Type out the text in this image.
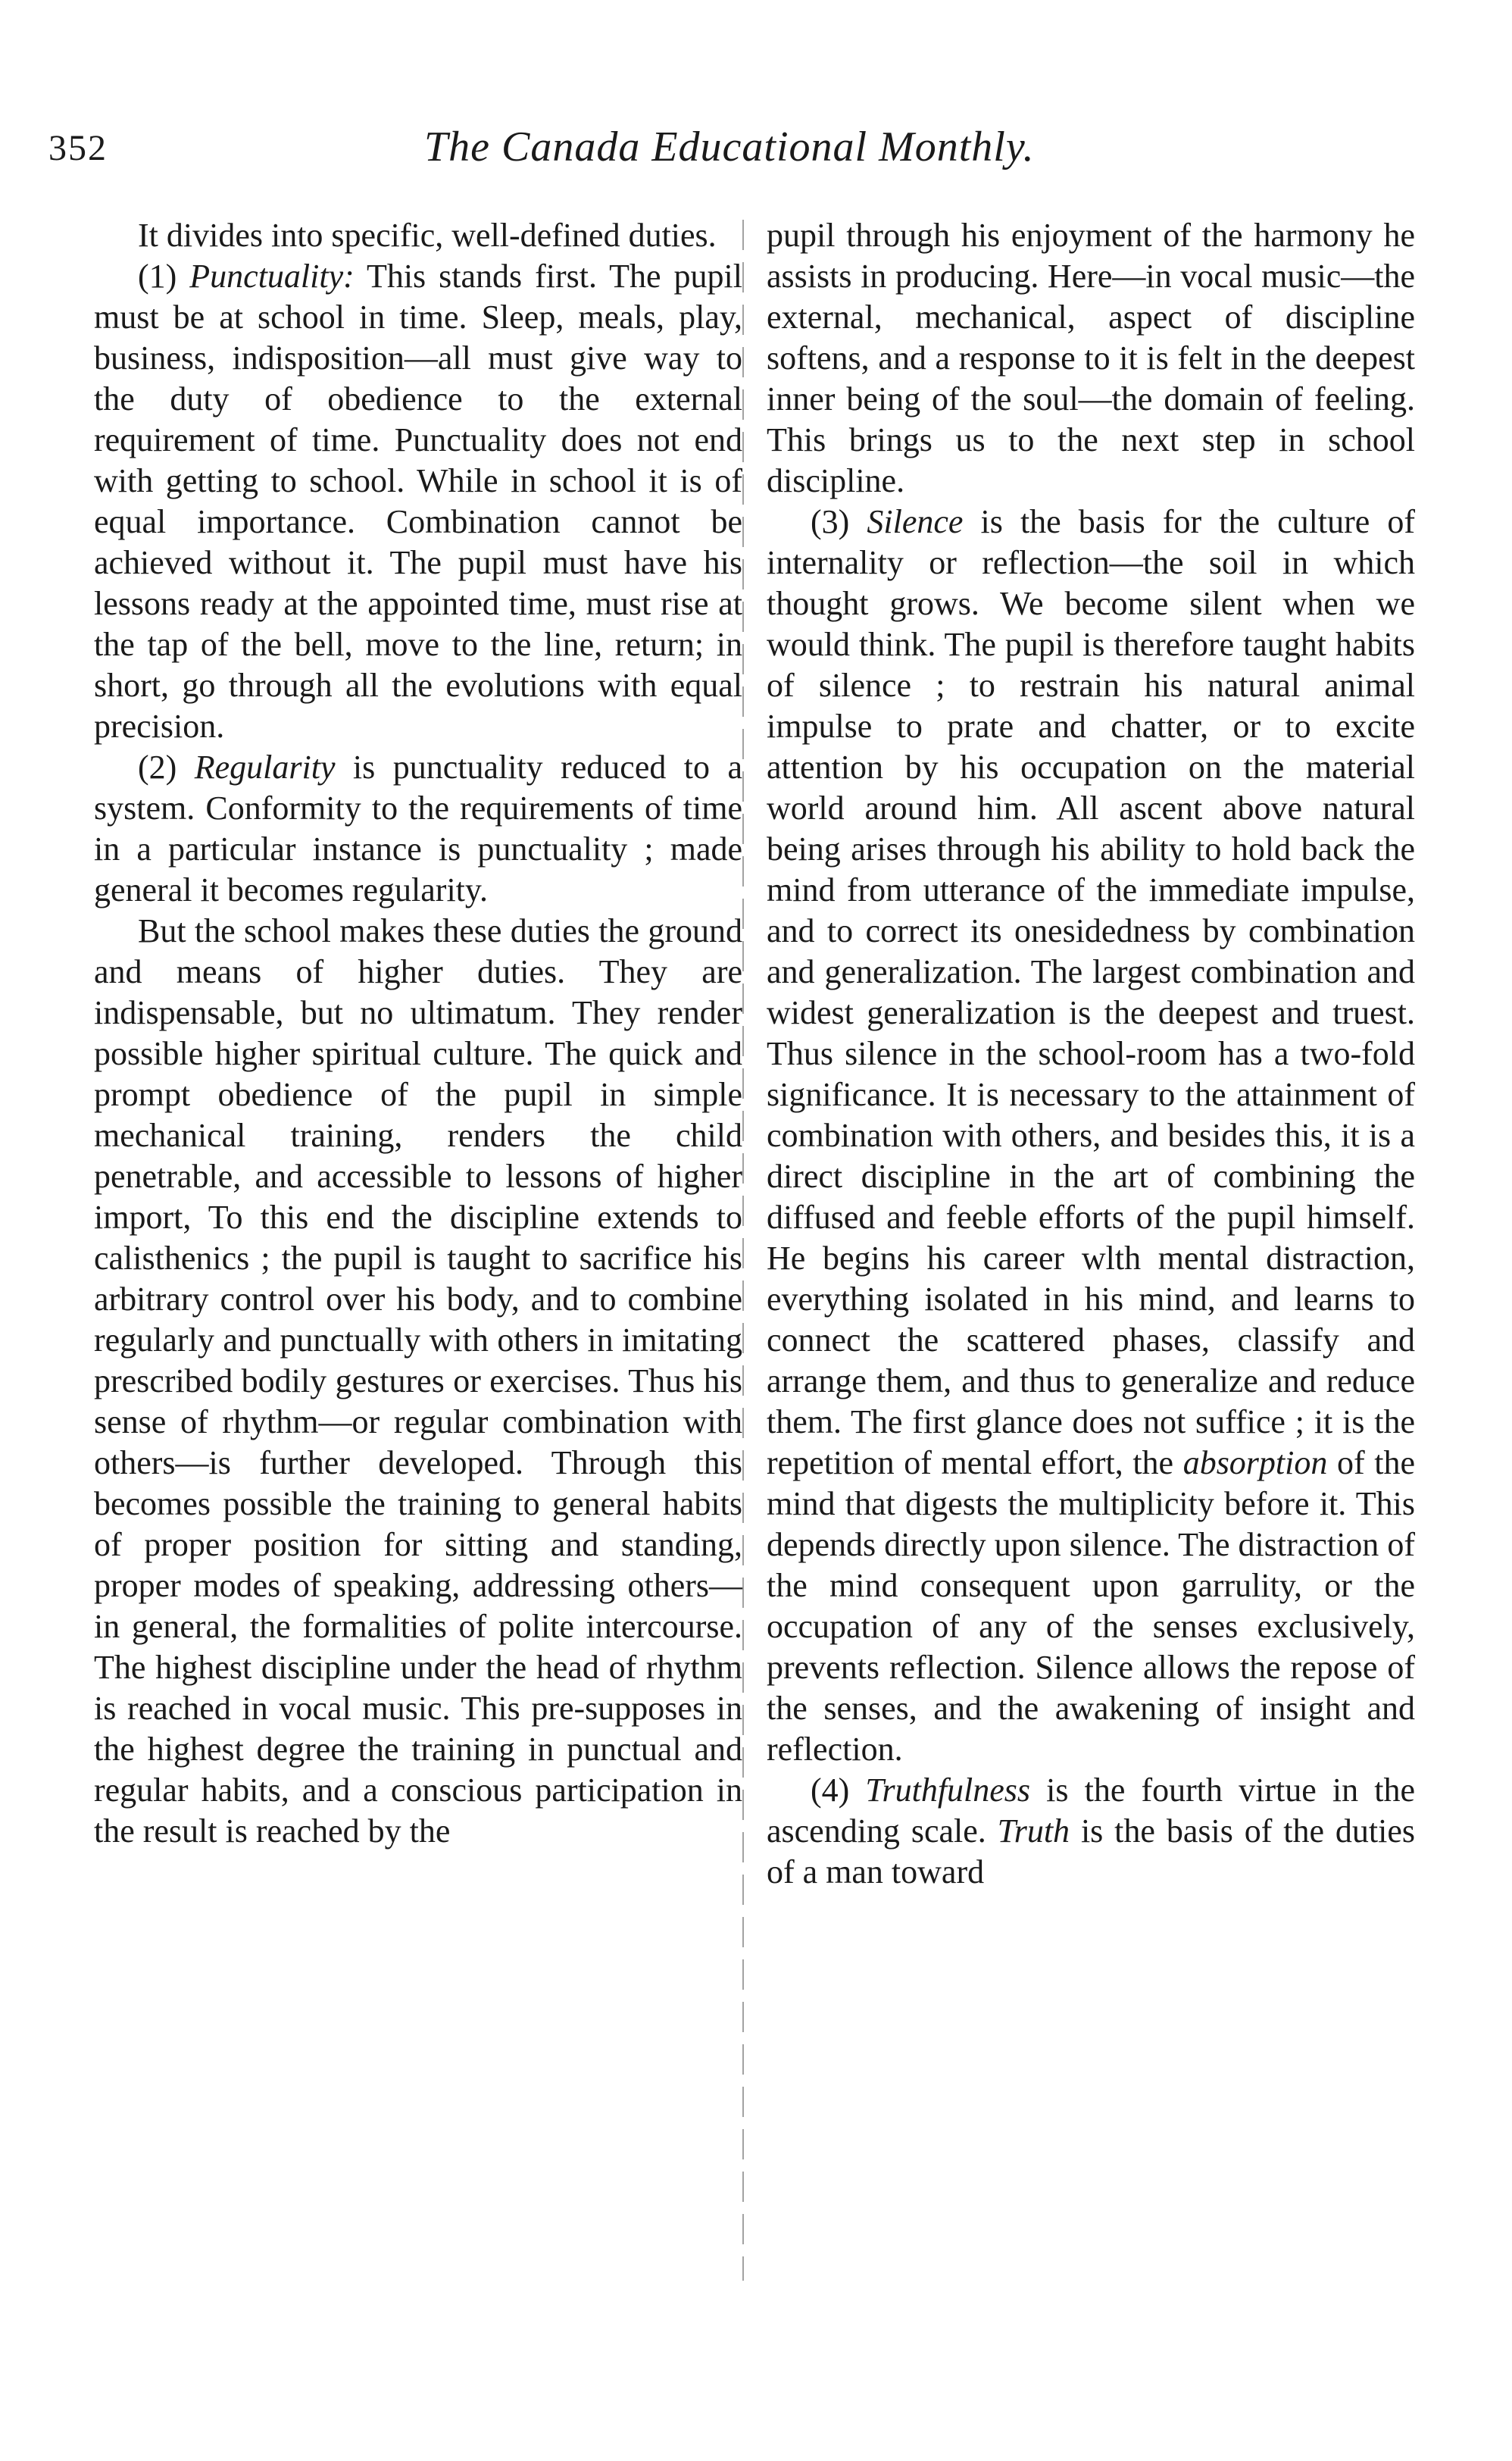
352	The Canada Educational Monthly.

It divides into specific, well-defined duties.

(1) Punctuality: This stands first. The pupil must be at school in time. Sleep, meals, play, business, indisposition—all must give way to the duty of obedience to the external requirement of time. Punctuality does not end with getting to school. While in school it is of equal importance. Combination cannot be achieved without it. The pupil must have his lessons ready at the appointed time, must rise at the tap of the bell, move to the line, return; in short, go through all the evolutions with equal precision.

(2) Regularity is punctuality reduced to a system. Conformity to the requirements of time in a particular instance is punctuality ; made general it becomes regularity.

But the school makes these duties the ground and means of higher duties. They are indispensable, but no ultimatum. They render possible higher spiritual culture. The quick and prompt obedience of the pupil in simple mechanical training, renders the child penetrable, and accessible to lessons of higher import, To this end the discipline extends to calisthenics ; the pupil is taught to sacrifice his arbitrary control over his body, and to combine regularly and punctually with others in imitating prescribed bodily gestures or exercises. Thus his sense of rhythm—or regular combination with others—is further developed. Through this becomes possible the training to general habits of proper position for sitting and standing, proper modes of speaking, addressing others—in general, the formalities of polite intercourse. The highest discipline under the head of rhythm is reached in vocal music. This pre-supposes in the highest degree the training in punctual and regular habits, and a conscious participation in the result is reached by the

pupil through his enjoyment of the harmony he assists in producing. Here—in vocal music—the external, mechanical, aspect of discipline softens, and a response to it is felt in the deepest inner being of the soul—the domain of feeling. This brings us to the next step in school discipline.

(3) Silence is the basis for the culture of internality or reflection—the soil in which thought grows. We become silent when we would think. The pupil is therefore taught habits of silence ; to restrain his natural animal impulse to prate and chatter, or to excite attention by his occupation on the material world around him. All ascent above natural being arises through his ability to hold back the mind from utterance of the immediate impulse, and to correct its onesidedness by combination and generalization. The largest combination and widest generalization is the deepest and truest. Thus silence in the school-room has a two-fold significance. It is necessary to the attainment of combination with others, and besides this, it is a direct discipline in the art of combining the diffused and feeble efforts of the pupil himself. He begins his career wlth mental distraction, everything isolated in his mind, and learns to connect the scattered phases, classify and arrange them, and thus to generalize and reduce them. The first glance does not suffice ; it is the repetition of mental effort, the absorption of the mind that digests the multiplicity before it. This depends directly upon silence. The distraction of the mind consequent upon garrulity, or the occupation of any of the senses exclusively, prevents reflection. Silence allows the repose of the senses, and the awakening of insight and reflection.

(4) Truthfulness is the fourth virtue in the ascending scale. Truth is the basis of the duties of a man toward
